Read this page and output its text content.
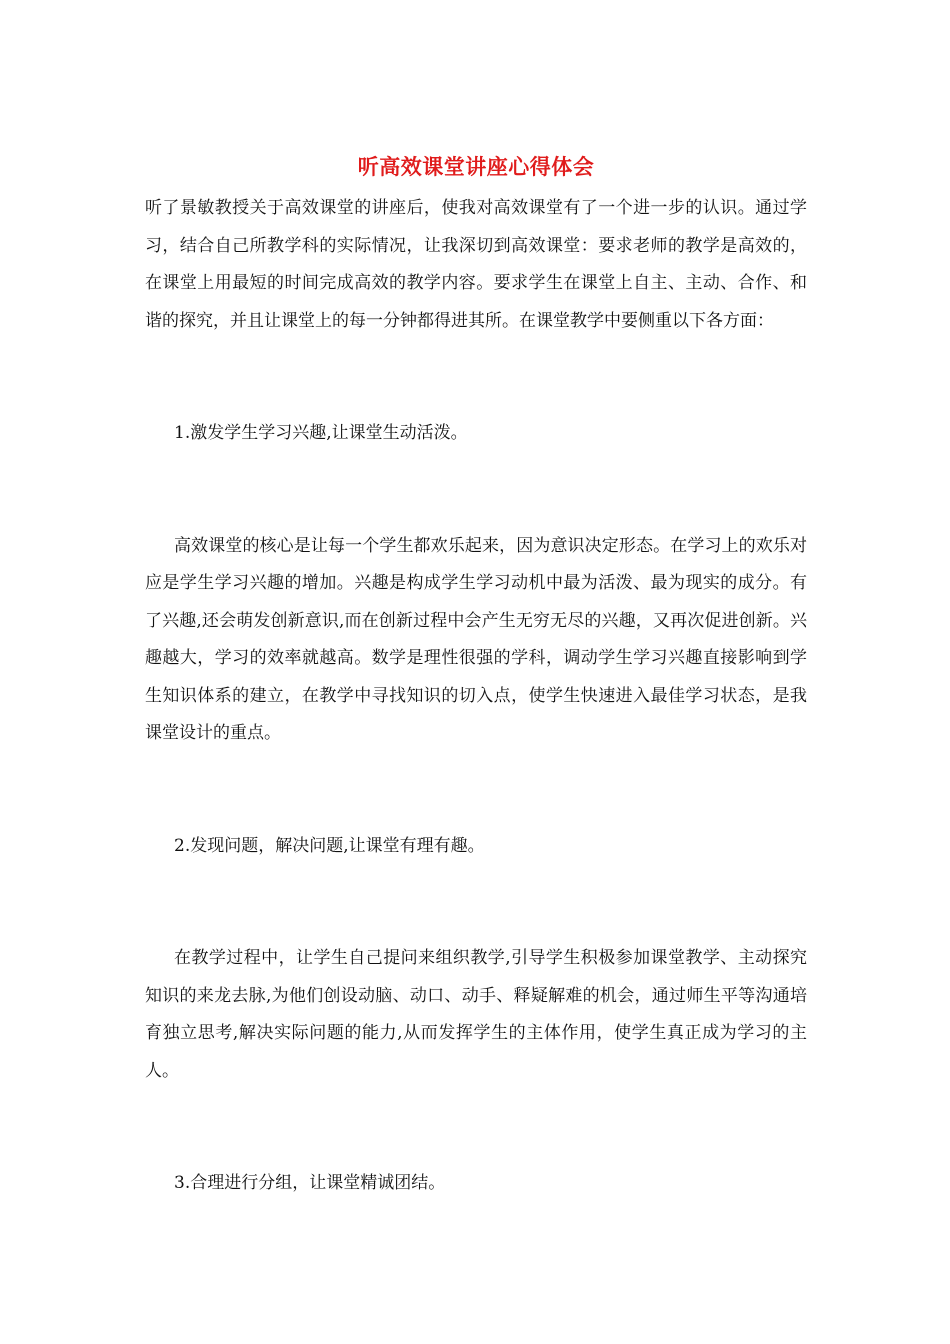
听高效课堂讲座心得体会

听了景敏教授关于高效课堂的讲座后，使我对高效课堂有了一个进一步的认识。通过学习，结合自己所教学科的实际情况，让我深切到高效课堂：要求老师的教学是高效的，在课堂上用最短的时间完成高效的教学内容。要求学生在课堂上自主、主动、合作、和谐的探究，并且让课堂上的每一分钟都得进其所。在课堂教学中要侧重以下各方面：

1.激发学生学习兴趣,让课堂生动活泼。

高效课堂的核心是让每一个学生都欢乐起来，因为意识决定形态。在学习上的欢乐对应是学生学习兴趣的增加。兴趣是构成学生学习动机中最为活泼、最为现实的成分。有了兴趣,还会萌发创新意识,而在创新过程中会产生无穷无尽的兴趣，又再次促进创新。兴趣越大，学习的效率就越高。数学是理性很强的学科，调动学生学习兴趣直接影响到学生知识体系的建立，在教学中寻找知识的切入点，使学生快速进入最佳学习状态，是我课堂设计的重点。

2.发现问题，解决问题,让课堂有理有趣。

在教学过程中，让学生自己提问来组织教学,引导学生积极参加课堂教学、主动探究知识的来龙去脉,为他们创设动脑、动口、动手、释疑解难的机会，通过师生平等沟通培育独立思考,解决实际问题的能力,从而发挥学生的主体作用，使学生真正成为学习的主人。

3.合理进行分组，让课堂精诚团结。
